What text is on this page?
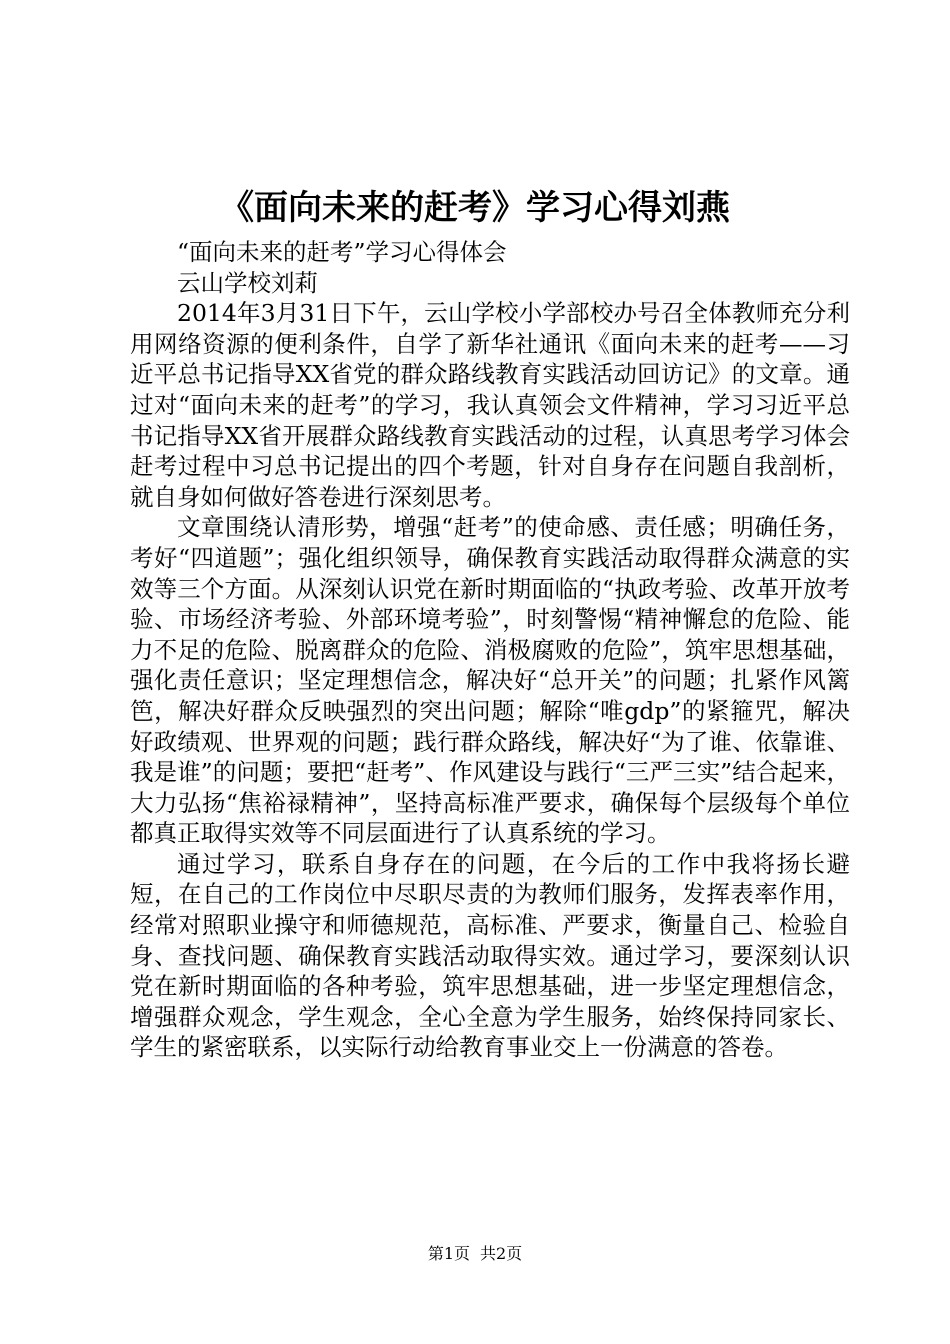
《面向未来的赶考》学习心得刘燕

“面向未来的赶考”学习心得体会

云山学校刘莉

2014年3月31日下午，云山学校小学部校办号召全体教师充分利用网络资源的便利条件，自学了新华社通讯《面向未来的赶考——习近平总书记指导XX省党的群众路线教育实践活动回访记》的文章。通过对“面向未来的赶考”的学习，我认真领会文件精神，学习习近平总书记指导XX省开展群众路线教育实践活动的过程，认真思考学习体会赶考过程中习总书记提出的四个考题，针对自身存在问题自我剖析，就自身如何做好答卷进行深刻思考。

文章围绕认清形势，增强“赶考”的使命感、责任感；明确任务，考好“四道题”；强化组织领导，确保教育实践活动取得群众满意的实效等三个方面。从深刻认识党在新时期面临的“执政考验、改革开放考验、市场经济考验、外部环境考验”，时刻警惕“精神懈怠的危险、能力不足的危险、脱离群众的危险、消极腐败的危险”，筑牢思想基础，强化责任意识；坚定理想信念，解决好“总开关”的问题；扎紧作风篱笆，解决好群众反映强烈的突出问题；解除“唯gdp”的紧箍咒，解决好政绩观、世界观的问题；践行群众路线，解决好“为了谁、依靠谁、我是谁”的问题；要把“赶考”、作风建设与践行“三严三实”结合起来，大力弘扬“焦裕禄精神”，坚持高标准严要求，确保每个层级每个单位都真正取得实效等不同层面进行了认真系统的学习。

通过学习，联系自身存在的问题，在今后的工作中我将扬长避短，在自己的工作岗位中尽职尽责的为教师们服务，发挥表率作用，经常对照职业操守和师德规范，高标准、严要求，衡量自己、检验自身、查找问题、确保教育实践活动取得实效。通过学习，要深刻认识党在新时期面临的各种考验，筑牢思想基础，进一步坚定理想信念，增强群众观念，学生观念，全心全意为学生服务，始终保持同家长、学生的紧密联系，以实际行动给教育事业交上一份满意的答卷。

第1页 共2页
